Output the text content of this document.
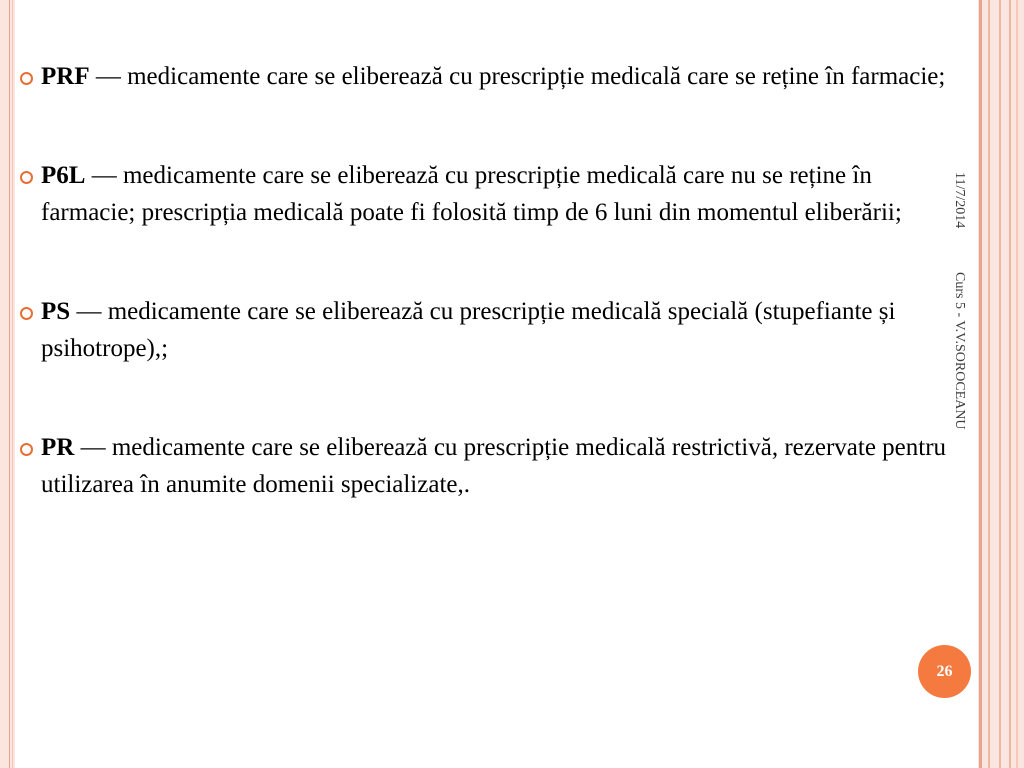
PRF — medicamente care se eliberează cu prescripție medicală care se reține în farmacie;
P6L — medicamente care se eliberează cu prescripție medicală care nu se reține în farmacie; prescripția medicală poate fi folosită timp de 6 luni din momentul eliberării;
PS — medicamente care se eliberează cu prescripție medicală specială (stupefiante și psihotrope),;
PR — medicamente care se eliberează cu prescripție medicală restrictivă, rezervate pentru utilizarea în anumite domenii specializate,.
11/7/2014
Curs 5 - V.V.SOROCEANU
26
